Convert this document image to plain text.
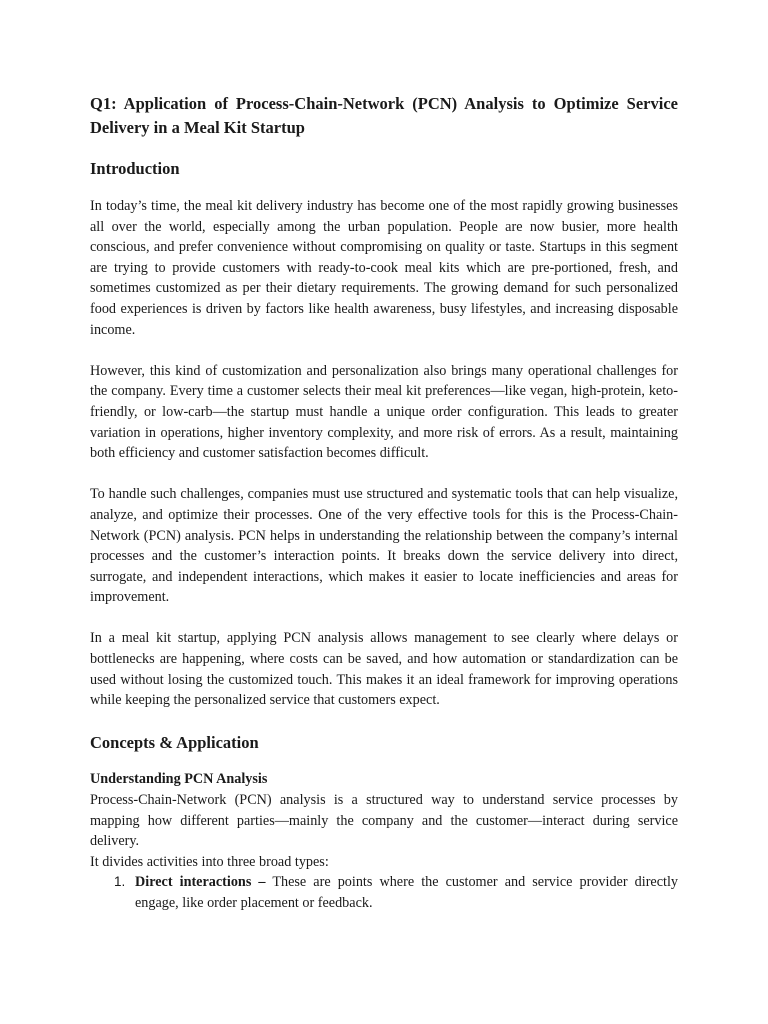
Q1: Application of Process-Chain-Network (PCN) Analysis to Optimize Service Delivery in a Meal Kit Startup
Introduction

In today’s time, the meal kit delivery industry has become one of the most rapidly growing businesses all over the world, especially among the urban population. People are now busier, more health conscious, and prefer convenience without compromising on quality or taste. Startups in this segment are trying to provide customers with ready-to-cook meal kits which are pre-portioned, fresh, and sometimes customized as per their dietary requirements. The growing demand for such personalized food experiences is driven by factors like health awareness, busy lifestyles, and increasing disposable income.

However, this kind of customization and personalization also brings many operational challenges for the company. Every time a customer selects their meal kit preferences—like vegan, high-protein, keto-friendly, or low-carb—the startup must handle a unique order configuration. This leads to greater variation in operations, higher inventory complexity, and more risk of errors. As a result, maintaining both efficiency and customer satisfaction becomes difficult.

To handle such challenges, companies must use structured and systematic tools that can help visualize, analyze, and optimize their processes. One of the very effective tools for this is the Process-Chain-Network (PCN) analysis. PCN helps in understanding the relationship between the company’s internal processes and the customer’s interaction points. It breaks down the service delivery into direct, surrogate, and independent interactions, which makes it easier to locate inefficiencies and areas for improvement.

In a meal kit startup, applying PCN analysis allows management to see clearly where delays or bottlenecks are happening, where costs can be saved, and how automation or standardization can be used without losing the customized touch. This makes it an ideal framework for improving operations while keeping the personalized service that customers expect.

Concepts & Application
Understanding PCN Analysis

Process-Chain-Network (PCN) analysis is a structured way to understand service processes by mapping how different parties—mainly the company and the customer—interact during service delivery.

It divides activities into three broad types:

1. Direct interactions – These are points where the customer and service provider directly engage, like order placement or feedback.
